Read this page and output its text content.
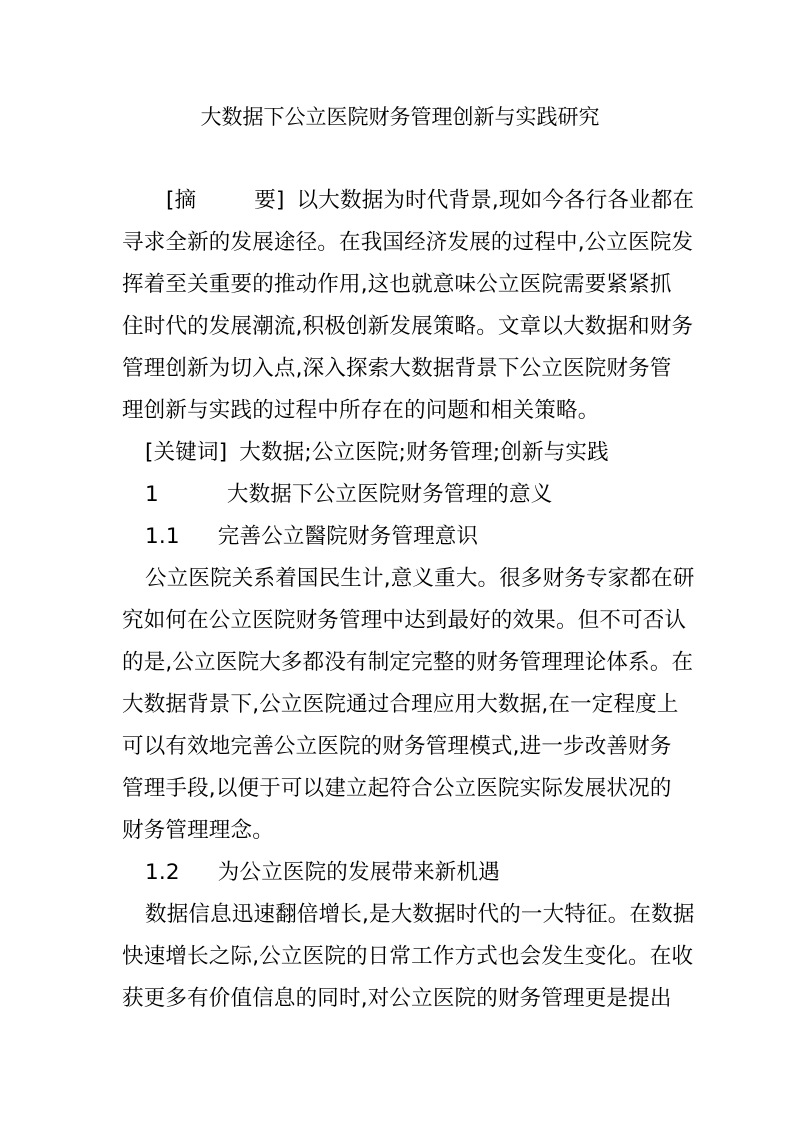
大数据下公立医院财务管理创新与实践研究
[摘	要] 以大数据为时代背景,现如今各行各业都在
寻求全新的发展途径。在我国经济发展的过程中,公立医院发
挥着至关重要的推动作用,这也就意味公立医院需要紧紧抓
住时代的发展潮流,积极创新发展策略。文章以大数据和财务
管理创新为切入点,深入探索大数据背景下公立医院财务管
理创新与实践的过程中所存在的问题和相关策略。
[关键词] 大数据;公立医院;财务管理;创新与实践
1	大数据下公立医院财务管理的意义
1.1 完善公立醫院财务管理意识
公立医院关系着国民生计,意义重大。很多财务专家都在研
究如何在公立医院财务管理中达到最好的效果。但不可否认
的是,公立医院大多都没有制定完整的财务管理理论体系。在
大数据背景下,公立医院通过合理应用大数据,在一定程度上
可以有效地完善公立医院的财务管理模式,进一步改善财务
管理手段,以便于可以建立起符合公立医院实际发展状况的
财务管理理念。
1.2 为公立医院的发展带来新机遇
数据信息迅速翻倍增长,是大数据时代的一大特征。在数据
快速增长之际,公立医院的日常工作方式也会发生变化。在收
获更多有价值信息的同时,对公立医院的财务管理更是提出
